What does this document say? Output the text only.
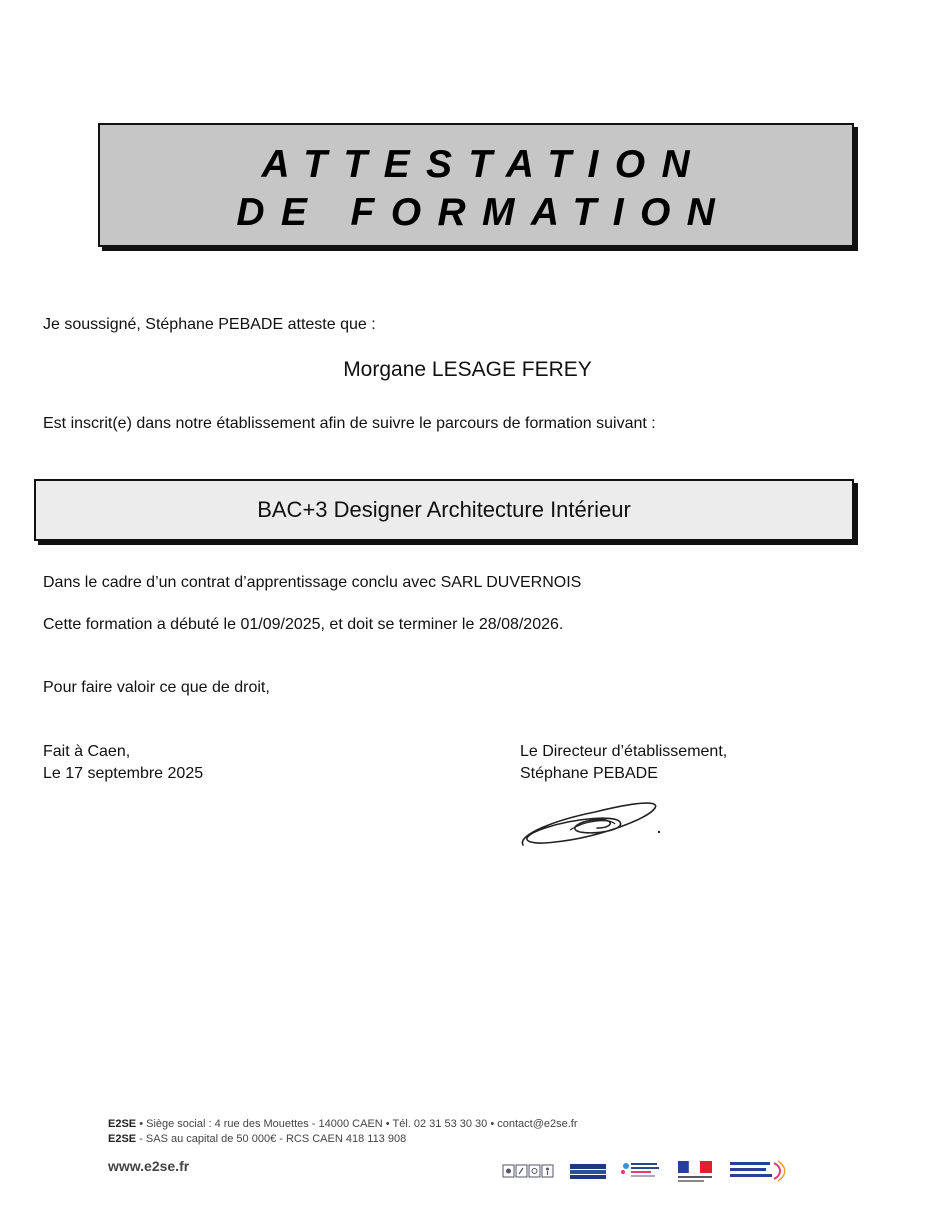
ATTESTATION
DE FORMATION
Je soussigné, Stéphane PEBADE atteste que :
Morgane LESAGE FEREY
Est inscrit(e) dans notre établissement afin de suivre le parcours de formation suivant :
BAC+3 Designer Architecture Intérieur
Dans le cadre d’un contrat d’apprentissage conclu avec SARL DUVERNOIS
Cette formation a débuté le 01/09/2025, et doit se terminer le 28/08/2026.
Pour faire valoir ce que de droit,
Fait à Caen,
Le 17 septembre 2025
Le Directeur d’établissement,
Stéphane PEBADE
E2SE • Siège social : 4 rue des Mouettes - 14000 CAEN • Tél. 02 31 53 30 30 • contact@e2se.fr
E2SE - SAS au capital de 50 000€ - RCS CAEN 418 113 908
www.e2se.fr
